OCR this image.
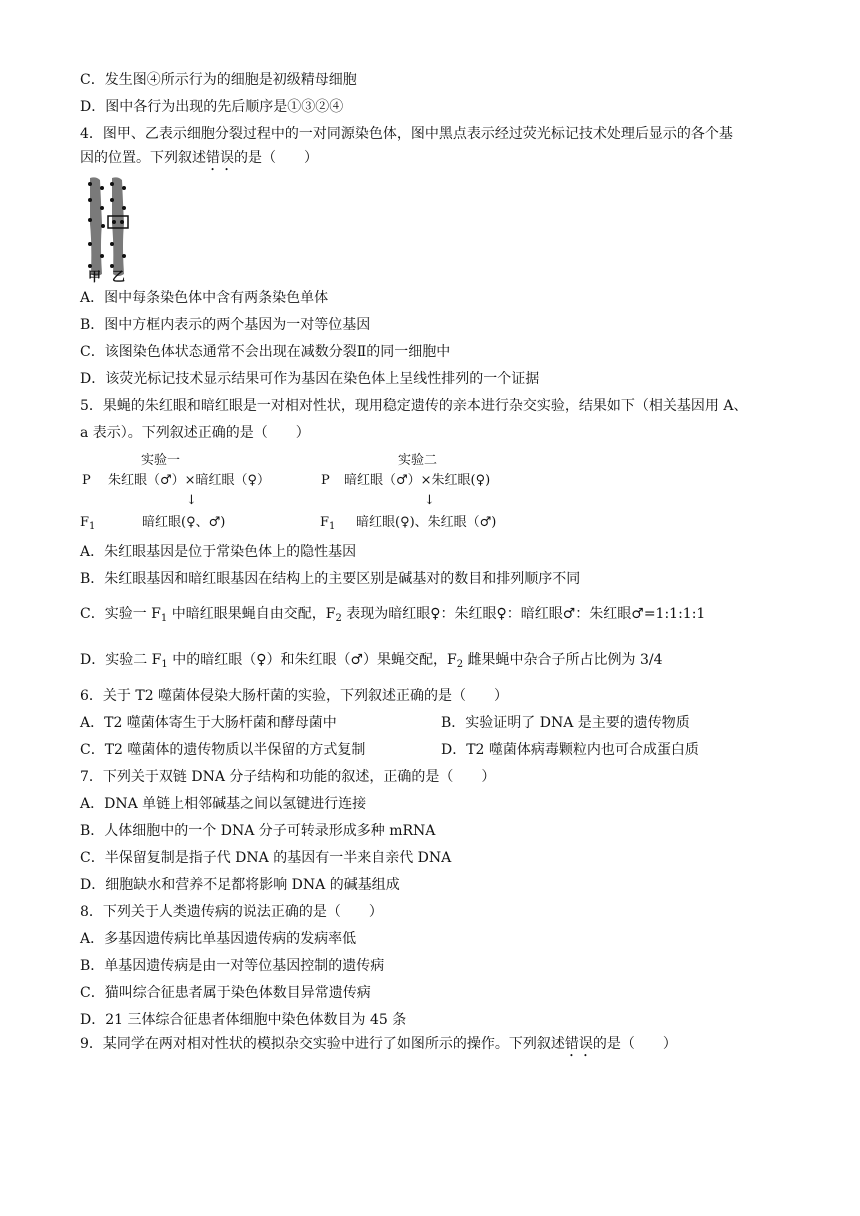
C．发生图④所示行为的细胞是初级精母细胞
D．图中各行为出现的先后顺序是①③②④
4．图甲、乙表示细胞分裂过程中的一对同源染色体，图中黑点表示经过荧光标记技术处理后显示的各个基
因的位置。下列叙述错误的是（　　）
甲 乙
A．图中每条染色体中含有两条染色单体
B．图中方框内表示的两个基因为一对等位基因
C．该图染色体状态通常不会出现在减数分裂Ⅱ的同一细胞中
D．该荧光标记技术显示结果可作为基因在染色体上呈线性排列的一个证据
5．果蝇的朱红眼和暗红眼是一对相对性状，现用稳定遗传的亲本进行杂交实验，结果如下（相关基因用 A、
a 表示）。下列叙述正确的是（　　）
实验一
P 朱红眼（♂）×暗红眼（♀）
↓
$F_1$	暗红眼(♀、♂)
实验二
P 暗红眼（♂）×朱红眼(♀)
↓
$F_1$ 暗红眼(♀)、朱红眼（♂)
A．朱红眼基因是位于常染色体上的隐性基因
B．朱红眼基因和暗红眼基因在结构上的主要区别是碱基对的数目和排列顺序不同
C．实验一 $F_1$ 中暗红眼果蝇自由交配，$F_2$ 表现为暗红眼♀：朱红眼♀：暗红眼♂：朱红眼♂=1:1:1:1
D．实验二 $F_1$ 中的暗红眼（♀）和朱红眼（♂）果蝇交配，$F_2$ 雌果蝇中杂合子所占比例为 3/4
6．关于 T2 噬菌体侵染大肠杆菌的实验，下列叙述正确的是（　　）
A．T2 噬菌体寄生于大肠杆菌和酵母菌中	B．实验证明了 DNA 是主要的遗传物质
C．T2 噬菌体的遗传物质以半保留的方式复制	D．T2 噬菌体病毒颗粒内也可合成蛋白质
7．下列关于双链 DNA 分子结构和功能的叙述，正确的是（　　）
A．DNA 单链上相邻碱基之间以氢键进行连接
B．人体细胞中的一个 DNA 分子可转录形成多种 mRNA
C．半保留复制是指子代 DNA 的基因有一半来自亲代 DNA
D．细胞缺水和营养不足都将影响 DNA 的碱基组成
8．下列关于人类遗传病的说法正确的是（　　）
A．多基因遗传病比单基因遗传病的发病率低
B．单基因遗传病是由一对等位基因控制的遗传病
C．猫叫综合征患者属于染色体数目异常遗传病
D．21 三体综合征患者体细胞中染色体数目为 45 条
9．某同学在两对相对性状的模拟杂交实验中进行了如图所示的操作。下列叙述错误的是（　　）
